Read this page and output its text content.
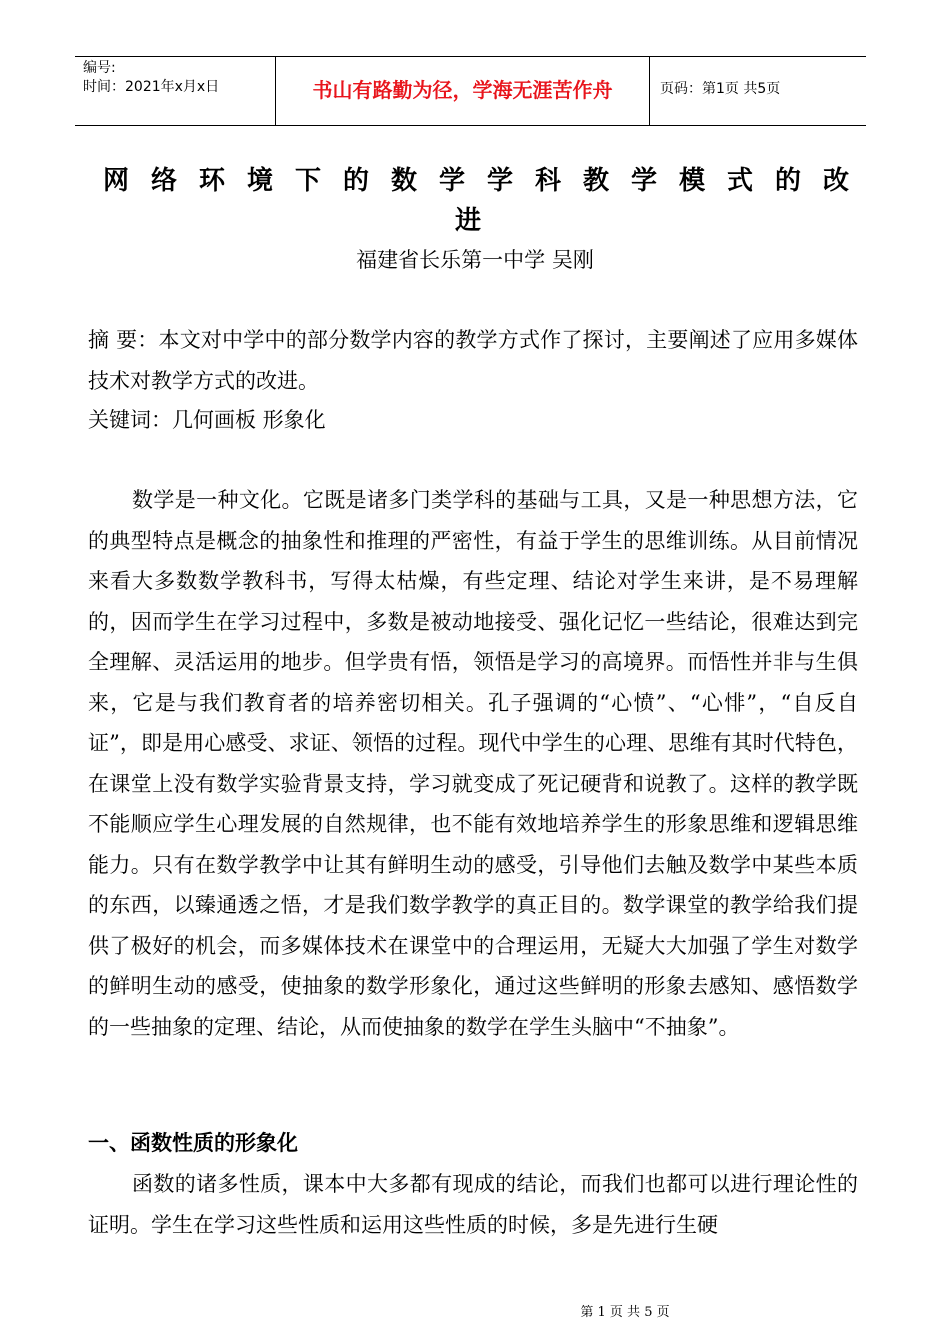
编号:
时间：2021年x月x日	书山有路勤为径，学海无涯苦作舟	页码：第1页 共5页
网络环境下的数学学科教学模式的改
进
福建省长乐第一中学 吴刚
摘 要：本文对中学中的部分数学内容的教学方式作了探讨，主要阐述了应用多媒体技术对教学方式的改进。
关键词：几何画板 形象化
数学是一种文化。它既是诸多门类学科的基础与工具，又是一种思想方法，它的典型特点是概念的抽象性和推理的严密性，有益于学生的思维训练。从目前情况来看大多数数学教科书，写得太枯燥，有些定理、结论对学生来讲，是不易理解的，因而学生在学习过程中，多数是被动地接受、强化记忆一些结论，很难达到完全理解、灵活运用的地步。但学贵有悟，领悟是学习的高境界。而悟性并非与生俱来，它是与我们教育者的培养密切相关。孔子强调的“心愤”、“心悱”，“自反自证”，即是用心感受、求证、领悟的过程。现代中学生的心理、思维有其时代特色，在课堂上没有数学实验背景支持，学习就变成了死记硬背和说教了。这样的教学既不能顺应学生心理发展的自然规律，也不能有效地培养学生的形象思维和逻辑思维能力。只有在数学教学中让其有鲜明生动的感受，引导他们去触及数学中某些本质的东西，以臻通透之悟，才是我们数学教学的真正目的。数学课堂的教学给我们提供了极好的机会，而多媒体技术在课堂中的合理运用，无疑大大加强了学生对数学的鲜明生动的感受，使抽象的数学形象化，通过这些鲜明的形象去感知、感悟数学的一些抽象的定理、结论，从而使抽象的数学在学生头脑中“不抽象”。
一、函数性质的形象化
函数的诸多性质，课本中大多都有现成的结论，而我们也都可以进行理论性的证明。学生在学习这些性质和运用这些性质的时候，多是先进行生硬
第 1 页 共 5 页
